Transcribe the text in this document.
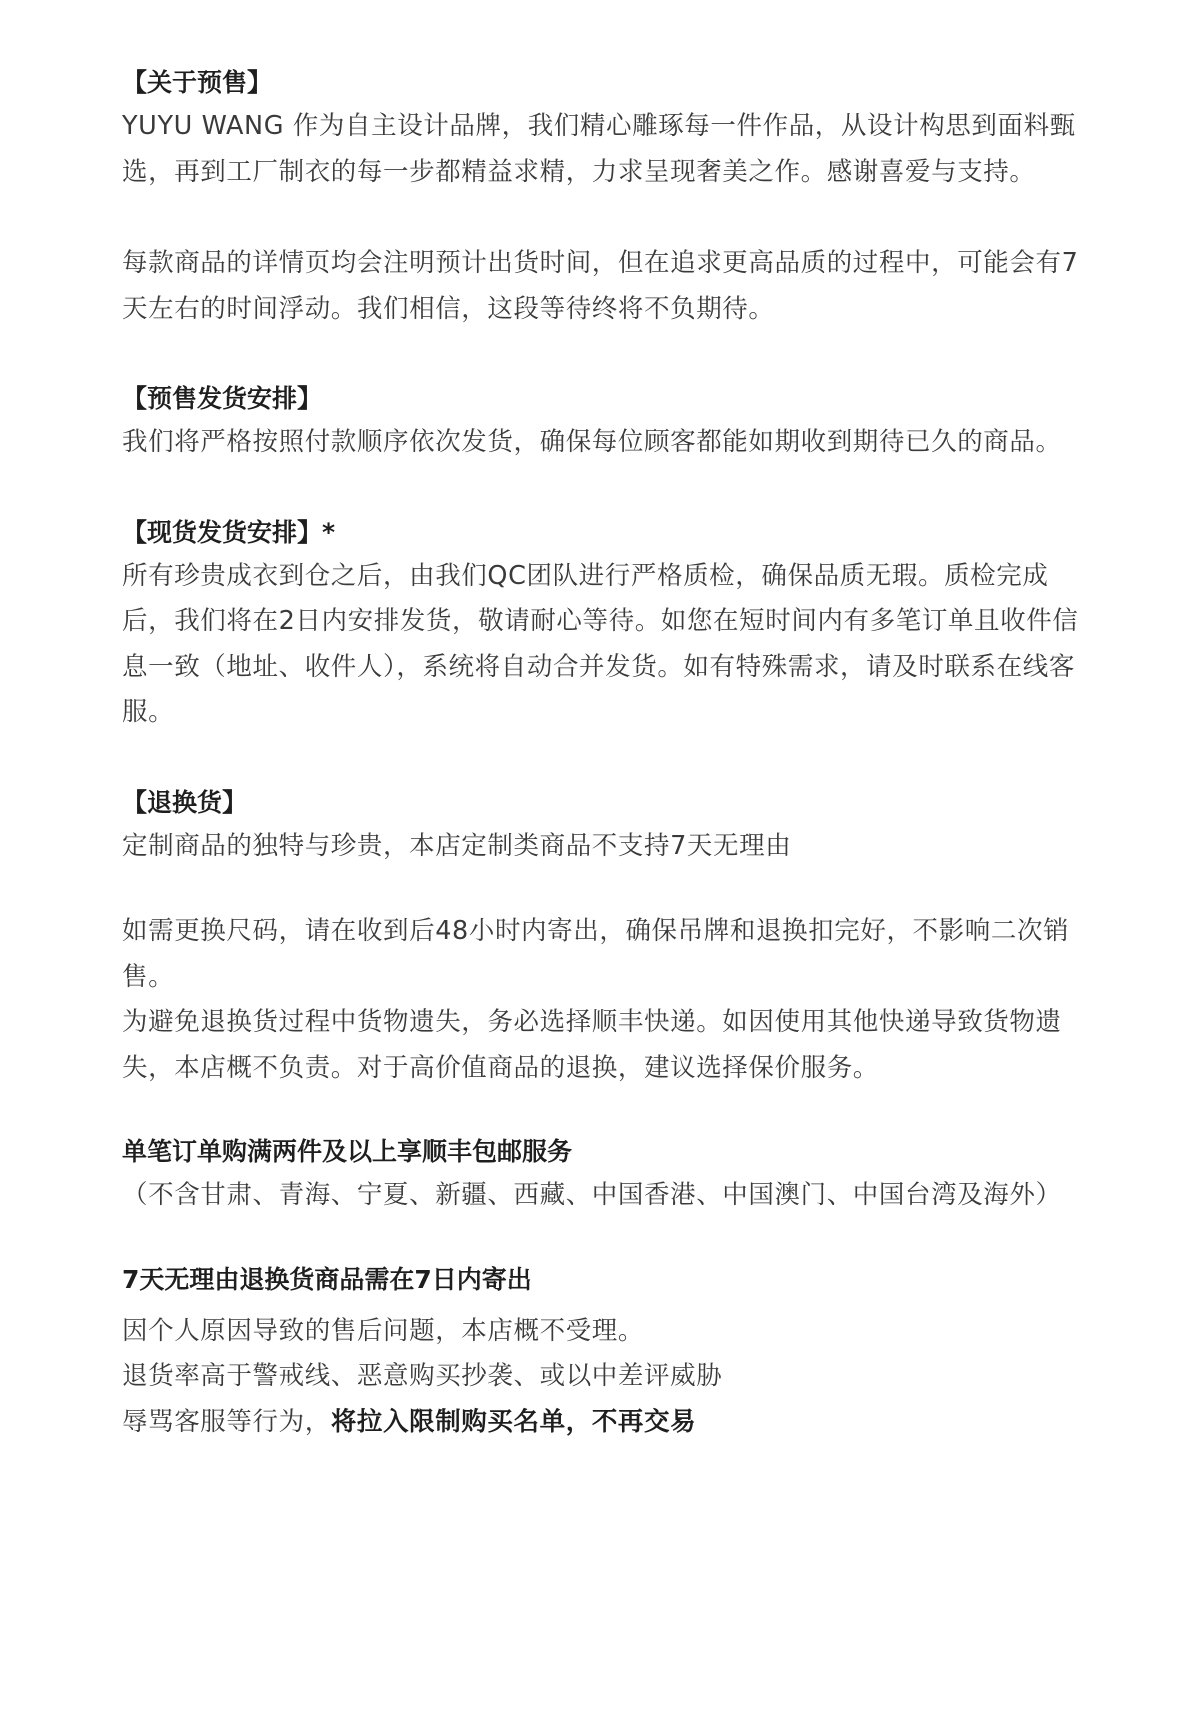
【关于预售】

YUYU WANG 作为自主设计品牌，我们精心雕琢每一件作品，从设计构思到面料甄选，再到工厂制衣的每一步都精益求精，力求呈现奢美之作。感谢喜爱与支持。

每款商品的详情页均会注明预计出货时间，但在追求更高品质的过程中，可能会有7天左右的时间浮动。我们相信，这段等待终将不负期待。

【预售发货安排】

我们将严格按照付款顺序依次发货，确保每位顾客都能如期收到期待已久的商品。

【现货发货安排】*

所有珍贵成衣到仓之后，由我们QC团队进行严格质检，确保品质无瑕。质检完成后，我们将在2日内安排发货，敬请耐心等待。如您在短时间内有多笔订单且收件信息一致（地址、收件人），系统将自动合并发货。如有特殊需求，请及时联系在线客服。

【退换货】

定制商品的独特与珍贵，本店定制类商品不支持7天无理由

如需更换尺码，请在收到后48小时内寄出，确保吊牌和退换扣完好，不影响二次销售。

为避免退换货过程中货物遗失，务必选择顺丰快递。如因使用其他快递导致货物遗失，本店概不负责。对于高价值商品的退换，建议选择保价服务。

单笔订单购满两件及以上享顺丰包邮服务

（不含甘肃、青海、宁夏、新疆、西藏、中国香港、中国澳门、中国台湾及海外）

7天无理由退换货商品需在7日内寄出

因个人原因导致的售后问题，本店概不受理。

退货率高于警戒线、恶意购买抄袭、或以中差评威胁

辱骂客服等行为，将拉入限制购买名单，不再交易
